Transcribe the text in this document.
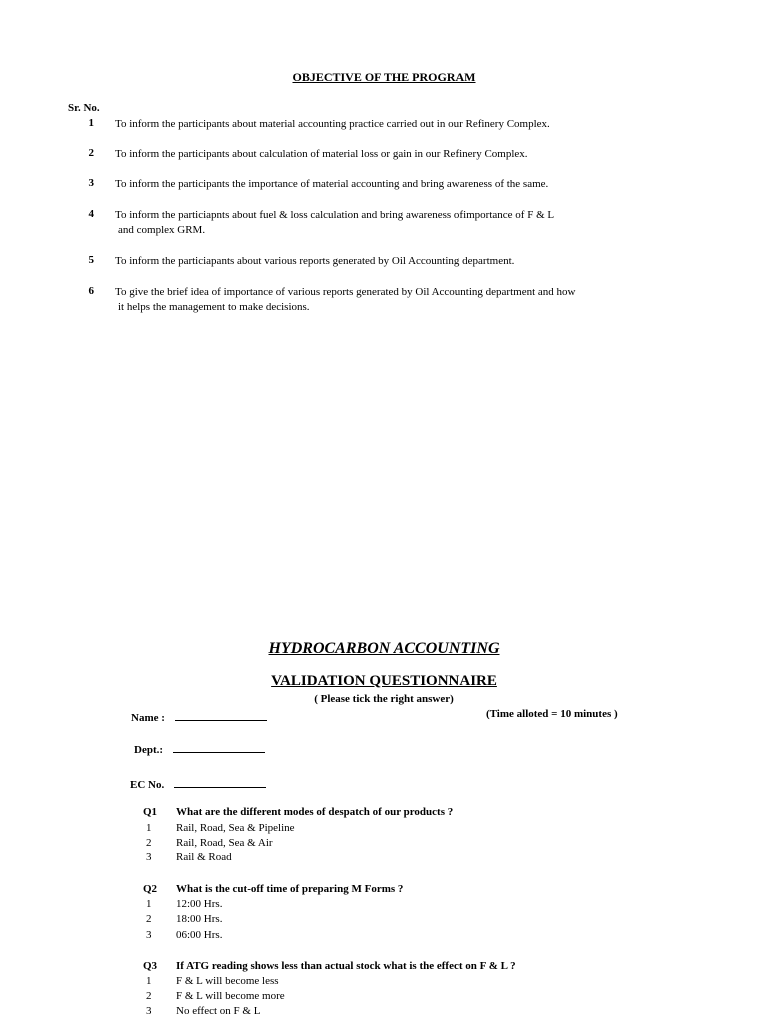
OBJECTIVE OF THE PROGRAM
Sr. No.
1 To inform the participants about material accounting practice carried out in our Refinery Complex.
2 To inform the participants about calculation of material loss or gain in our Refinery Complex.
3 To inform the participants the importance of material accounting and bring awareness of the same.
4 To inform the particiapnts about fuel & loss calculation and bring awareness ofimportance of F & L
and complex GRM.
5 To inform the particiapants about various reports generated by Oil Accounting department.
6 To give the brief idea of importance of various reports generated by Oil Accounting department and how
it helps the management to make decisions.
HYDROCARBON ACCOUNTING
VALIDATION QUESTIONNAIRE
( Please tick the right answer)
Name :	(Time alloted = 10 minutes )
Dept.:
EC No.
Q1 What are the different modes of despatch of our products ?
1 Rail, Road, Sea & Pipeline
2 Rail, Road, Sea & Air
3 Rail & Road
Q2 What is the cut-off time of preparing M Forms ?
1 12:00 Hrs.
2 18:00 Hrs.
3 06:00 Hrs.
Q3 If ATG reading shows less than actual stock what is the effect on F & L ?
1 F & L will become less
2 F & L will become more
3 No effect on F & L
